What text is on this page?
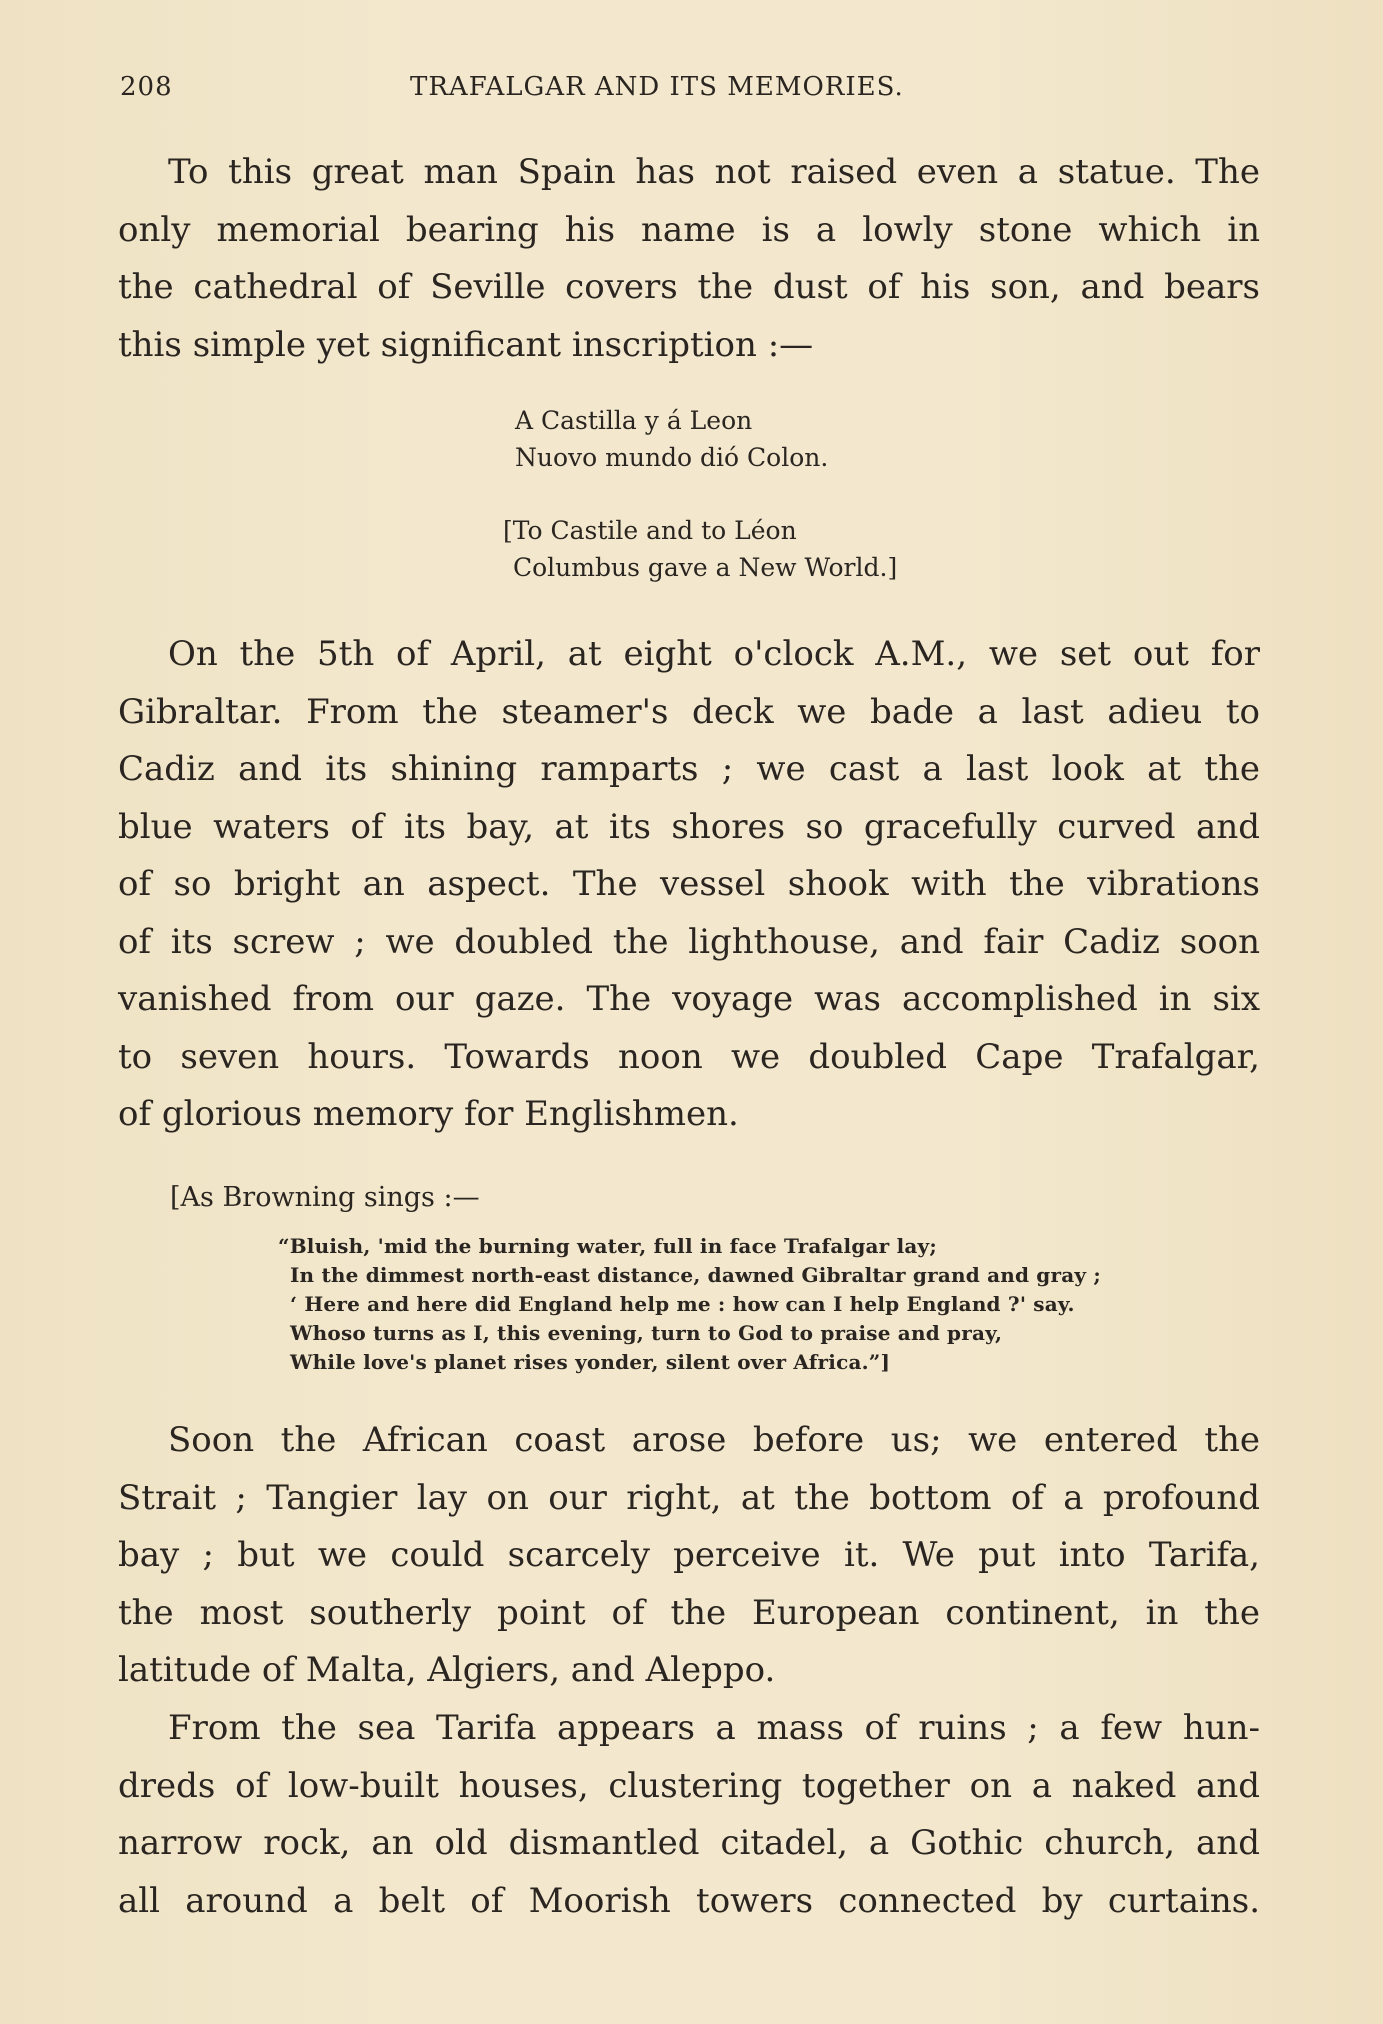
208	TRAFALGAR AND ITS MEMORIES.
To this great man Spain has not raised even a statue. The
only memorial bearing his name is a lowly stone which in
the cathedral of Seville covers the dust of his son, and bears
this simple yet significant inscription :—
A Castilla y á Leon
Nuovo mundo dió Colon.
[To Castile and to Léon
Columbus gave a New World.]
On the 5th of April, at eight o'clock A.M., we set out for
Gibraltar. From the steamer's deck we bade a last adieu to
Cadiz and its shining ramparts ; we cast a last look at the
blue waters of its bay, at its shores so gracefully curved and
of so bright an aspect. The vessel shook with the vibrations
of its screw ; we doubled the lighthouse, and fair Cadiz soon
vanished from our gaze. The voyage was accomplished in six
to seven hours. Towards noon we doubled Cape Trafalgar,
of glorious memory for Englishmen.
[As Browning sings :—
“Bluish, 'mid the burning water, full in face Trafalgar lay;
In the dimmest north-east distance, dawned Gibraltar grand and gray ;
‘ Here and here did England help me : how can I help England ?' say.
Whoso turns as I, this evening, turn to God to praise and pray,
While love's planet rises yonder, silent over Africa.”]
Soon the African coast arose before us; we entered the
Strait ; Tangier lay on our right, at the bottom of a profound
bay ; but we could scarcely perceive it. We put into Tarifa,
the most southerly point of the European continent, in the
latitude of Malta, Algiers, and Aleppo.
From the sea Tarifa appears a mass of ruins ; a few hun-
dreds of low-built houses, clustering together on a naked and
narrow rock, an old dismantled citadel, a Gothic church, and
all around a belt of Moorish towers connected by curtains.
